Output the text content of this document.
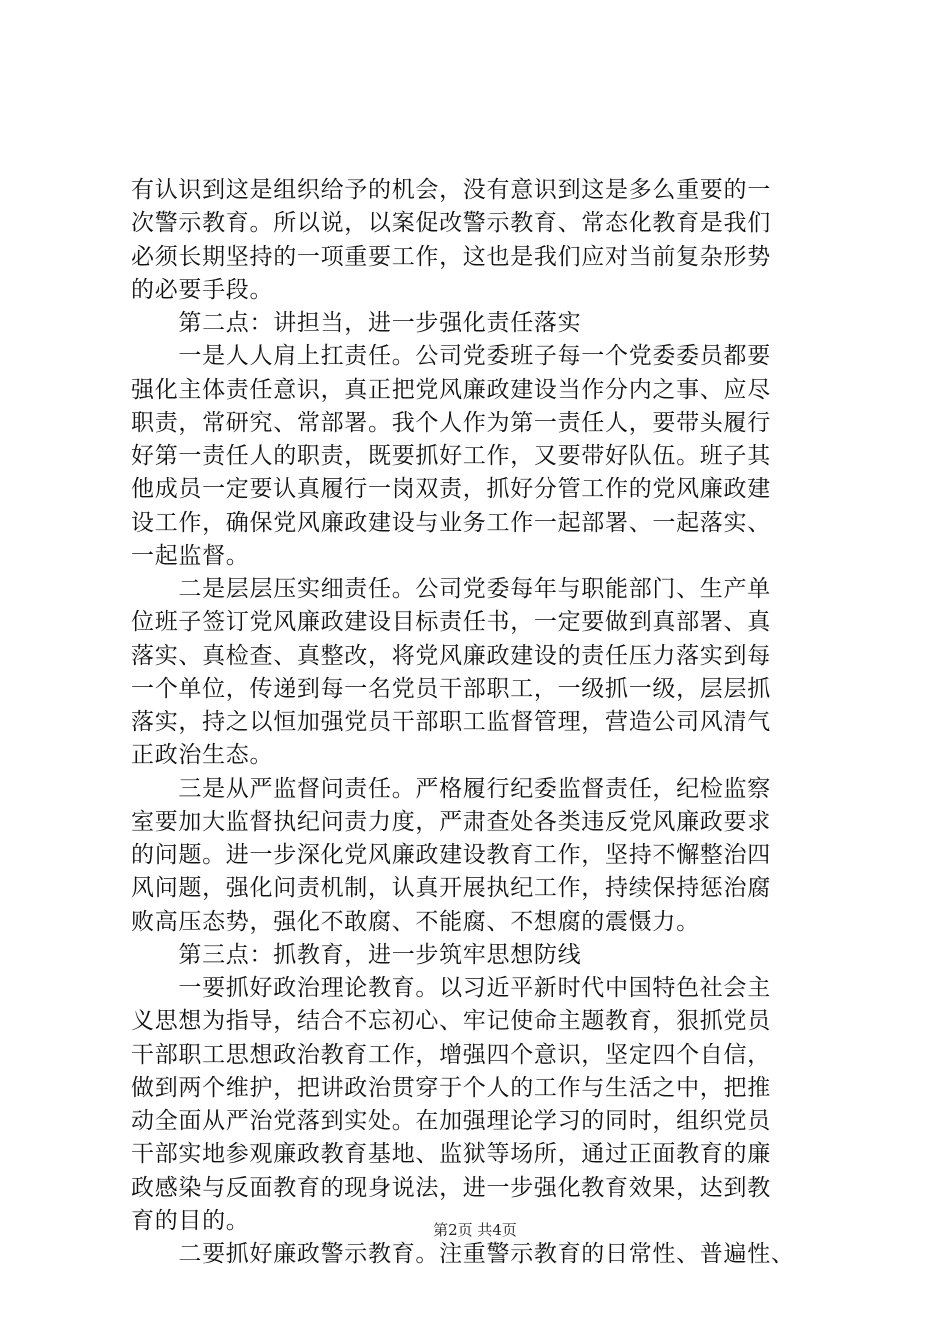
有认识到这是组织给予的机会，没有意识到这是多么重要的一
次警示教育。所以说，以案促改警示教育、常态化教育是我们
必须长期坚持的一项重要工作，这也是我们应对当前复杂形势
的必要手段。
　　第二点：讲担当，进一步强化责任落实
　　一是人人肩上扛责任。公司党委班子每一个党委委员都要
强化主体责任意识，真正把党风廉政建设当作分内之事、应尽
职责，常研究、常部署。我个人作为第一责任人，要带头履行
好第一责任人的职责，既要抓好工作，又要带好队伍。班子其
他成员一定要认真履行一岗双责，抓好分管工作的党风廉政建
设工作，确保党风廉政建设与业务工作一起部署、一起落实、
一起监督。
　　二是层层压实细责任。公司党委每年与职能部门、生产单
位班子签订党风廉政建设目标责任书，一定要做到真部署、真
落实、真检查、真整改，将党风廉政建设的责任压力落实到每
一个单位，传递到每一名党员干部职工，一级抓一级，层层抓
落实，持之以恒加强党员干部职工监督管理，营造公司风清气
正政治生态。
　　三是从严监督问责任。严格履行纪委监督责任，纪检监察
室要加大监督执纪问责力度，严肃查处各类违反党风廉政要求
的问题。进一步深化党风廉政建设教育工作，坚持不懈整治四
风问题，强化问责机制，认真开展执纪工作，持续保持惩治腐
败高压态势，强化不敢腐、不能腐、不想腐的震慑力。
　　第三点：抓教育，进一步筑牢思想防线
　　一要抓好政治理论教育。以习近平新时代中国特色社会主
义思想为指导，结合不忘初心、牢记使命主题教育，狠抓党员
干部职工思想政治教育工作，增强四个意识，坚定四个自信，
做到两个维护，把讲政治贯穿于个人的工作与生活之中，把推
动全面从严治党落到实处。在加强理论学习的同时，组织党员
干部实地参观廉政教育基地、监狱等场所，通过正面教育的廉
政感染与反面教育的现身说法，进一步强化教育效果，达到教
育的目的。
　　二要抓好廉政警示教育。注重警示教育的日常性、普遍性、
第2页 共4页
